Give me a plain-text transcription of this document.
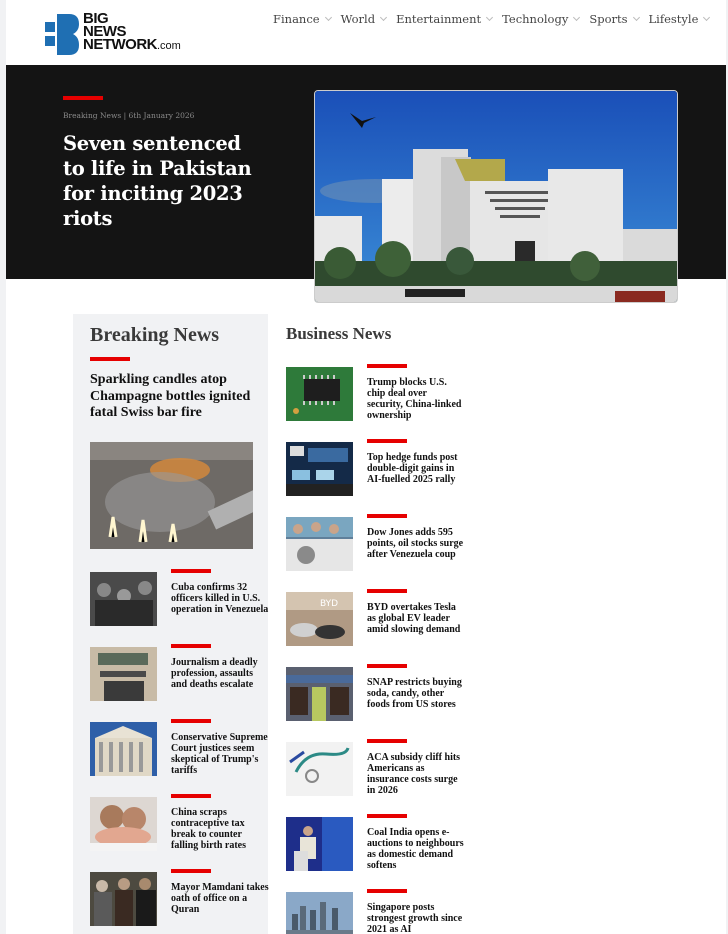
BIG
NEWS
NETWORK.com
Finance World Entertainment Technology Sports Lifestyle
Breaking News | 6th January 2026
Seven sentenced to life in Pakistan for inciting 2023 riots
Breaking News
Sparkling candles atop Champagne bottles ignited fatal Swiss bar fire
Cuba confirms 32 officers killed in U.S. operation in Venezuela
Journalism a deadly profession, assaults and deaths escalate
Conservative Supreme Court justices seem skeptical of Trump's tariffs
China scraps contraceptive tax break to counter falling birth rates
Mayor Mamdani takes oath of office on a Quran
Business News
Trump blocks U.S. chip deal over security, China-linked ownership
Top hedge funds post double-digit gains in AI-fuelled 2025 rally
Dow Jones adds 595 points, oil stocks surge after Venezuela coup
BYD	BYD overtakes Tesla as global EV leader amid slowing demand
SNAP restricts buying soda, candy, other foods from US stores
ACA subsidy cliff hits Americans as insurance costs surge in 2026
Coal India opens e-auctions to neighbours as domestic demand softens
Singapore posts strongest growth since 2021 as AI
